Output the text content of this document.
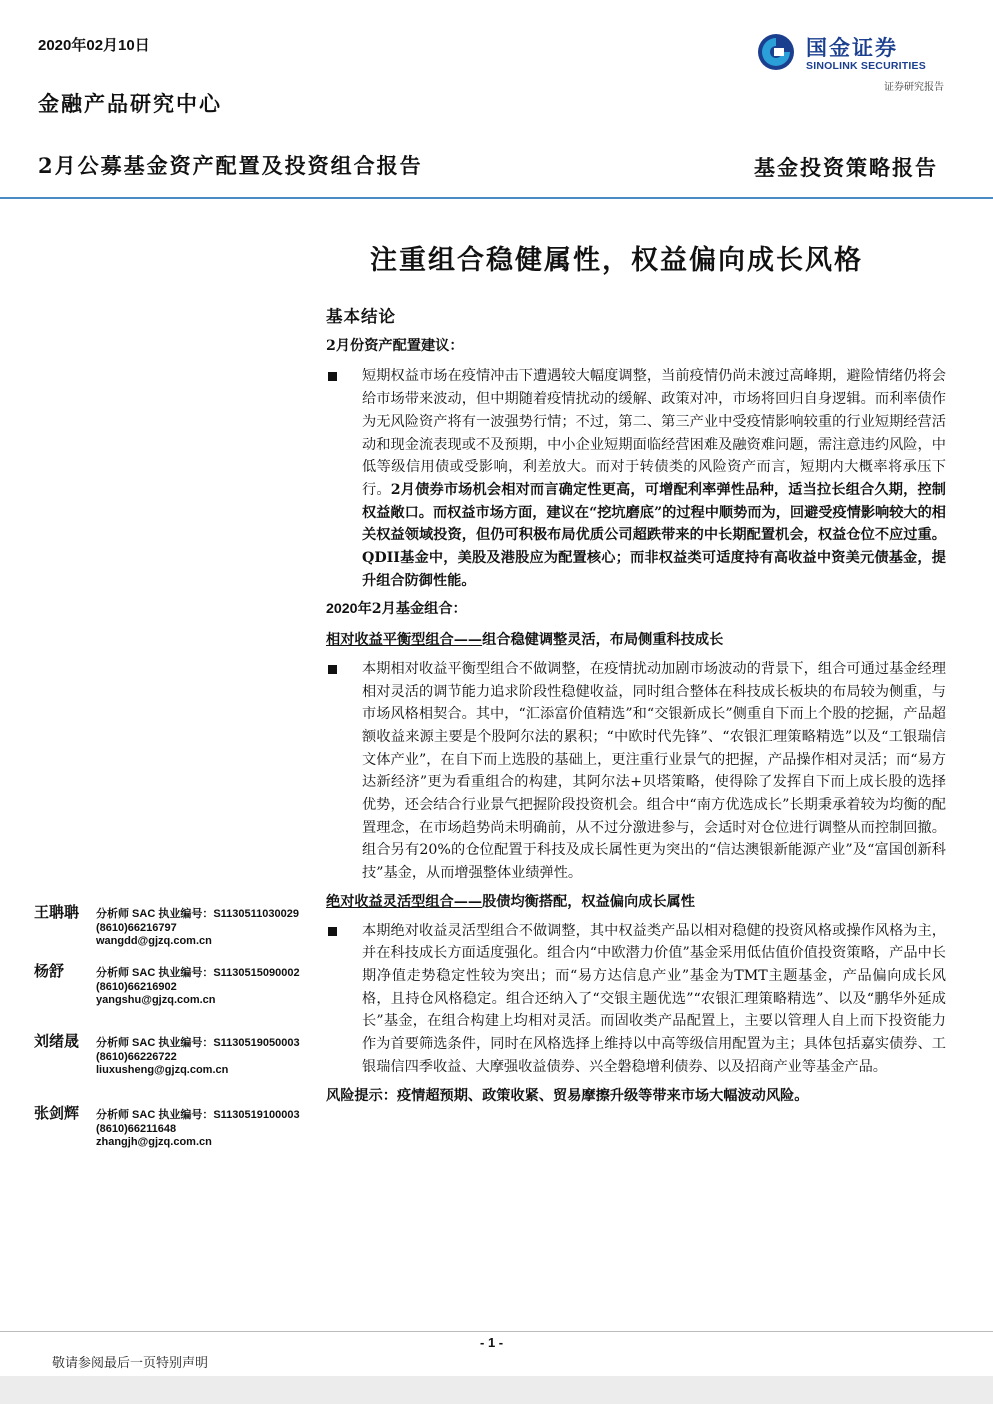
2020年02月10日
金融产品研究中心
国金证券
SINOLINK SECURITIES
证券研究报告
2月公募基金资产配置及投资组合报告	基金投资策略报告
注重组合稳健属性，权益偏向成长风格
基本结论
2月份资产配置建议：
短期权益市场在疫情冲击下遭遇较大幅度调整，当前疫情仍尚未渡过高峰期，避险情绪仍将会给市场带来波动，但中期随着疫情扰动的缓解、政策对冲，市场将回归自身逻辑。而利率债作为无风险资产将有一波强势行情；不过，第二、第三产业中受疫情影响较重的行业短期经营活动和现金流表现或不及预期，中小企业短期面临经营困难及融资难问题，需注意违约风险，中低等级信用债或受影响，利差放大。而对于转债类的风险资产而言，短期内大概率将承压下行。2月债券市场机会相对而言确定性更高，可增配利率弹性品种，适当拉长组合久期，控制权益敞口。而权益市场方面，建议在“挖坑磨底”的过程中顺势而为，回避受疫情影响较大的相关权益领域投资，但仍可积极布局优质公司超跌带来的中长期配置机会，权益仓位不应过重。QDII基金中，美股及港股应为配置核心；而非权益类可适度持有高收益中资美元债基金，提升组合防御性能。
2020年2月基金组合：
相对收益平衡型组合——组合稳健调整灵活，布局侧重科技成长
本期相对收益平衡型组合不做调整，在疫情扰动加剧市场波动的背景下，组合可通过基金经理相对灵活的调节能力追求阶段性稳健收益，同时组合整体在科技成长板块的布局较为侧重，与市场风格相契合。其中，“汇添富价值精选”和“交银新成长”侧重自下而上个股的挖掘，产品超额收益来源主要是个股阿尔法的累积；“中欧时代先锋”、“农银汇理策略精选”以及“工银瑞信文体产业”，在自下而上选股的基础上，更注重行业景气的把握，产品操作相对灵活；而“易方达新经济”更为看重组合的构建，其阿尔法+贝塔策略，使得除了发挥自下而上成长股的选择优势，还会结合行业景气把握阶段投资机会。组合中“南方优选成长”长期秉承着较为均衡的配置理念，在市场趋势尚未明确前，从不过分激进参与，会适时对仓位进行调整从而控制回撤。组合另有20%的仓位配置于科技及成长属性更为突出的“信达澳银新能源产业”及“富国创新科技”基金，从而增强整体业绩弹性。
绝对收益灵活型组合——股债均衡搭配，权益偏向成长属性
本期绝对收益灵活型组合不做调整，其中权益类产品以相对稳健的投资风格或操作风格为主，并在科技成长方面适度强化。组合内“中欧潜力价值”基金采用低估值价值投资策略，产品中长期净值走势稳定性较为突出；而“易方达信息产业”基金为TMT主题基金，产品偏向成长风格，且持仓风格稳定。组合还纳入了“交银主题优选”“农银汇理策略精选”、以及“鹏华外延成长”基金，在组合构建上均相对灵活。而固收类产品配置上，主要以管理人自上而下投资能力作为首要筛选条件，同时在风格选择上维持以中高等级信用配置为主；具体包括嘉实债券、工银瑞信四季收益、大摩强收益债券、兴全磐稳增利债券、以及招商产业等基金产品。
风险提示：疫情超预期、政策收紧、贸易摩擦升级等带来市场大幅波动风险。
王聃聃 分析师 SAC 执业编号：S1130511030029
(8610)66216797
wangdd@gjzq.com.cn
杨舒	分析师 SAC 执业编号：S1130515090002
(8610)66216902
yangshu@gjzq.com.cn
刘绪晟 分析师 SAC 执业编号：S1130519050003
(8610)66226722
liuxusheng@gjzq.com.cn
张剑辉 分析师 SAC 执业编号：S1130519100003
(8610)66211648
zhangjh@gjzq.com.cn
- 1 -
敬请参阅最后一页特别声明
